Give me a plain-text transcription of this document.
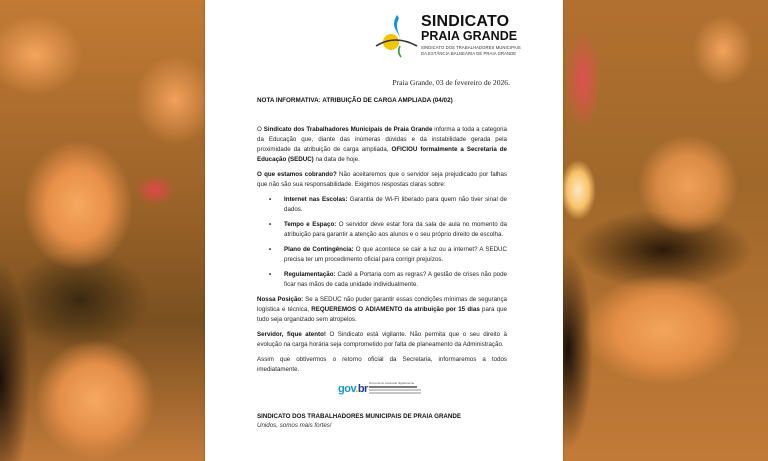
SINDICATO
PRAIA GRANDE
SINDICATO DOS TRABALHADORES MUNICIPAIS
DA ESTÂNCIA BALNEÁRIA DE PRAIA GRANDE
Praia Grande, 03 de fevereiro de 2026.
NOTA INFORMATIVA: ATRIBUIÇÃO DE CARGA AMPLIADA (04/02)

O Sindicato dos Trabalhadores Municipais de Praia Grande informa a toda a categoria da Educação que, diante das inúmeras dúvidas e da instabilidade gerada pela proximidade da atribuição de carga ampliada, OFICIOU formalmente a Secretaria de Educação (SEDUC) na data de hoje.

O que estamos cobrando? Não aceitaremos que o servidor seja prejudicado por falhas que não são sua responsabilidade. Exigimos respostas claras sobre:

• Internet nas Escolas: Garantia de Wi-Fi liberado para quem não tiver sinal de dados.
• Tempo e Espaço: O servidor deve estar fora da sala de aula no momento da atribuição para garantir a atenção aos alunos e o seu próprio direito de escolha.
• Plano de Contingência: O que acontece se cair a luz ou a internet? A SEDUC precisa ter um procedimento oficial para corrigir prejuízos.
• Regulamentação: Cadê a Portaria com as regras? A gestão de crises não pode ficar nas mãos de cada unidade individualmente.

Nossa Posição: Se a SEDUC não puder garantir essas condições mínimas de segurança logística e técnica, REQUEREMOS O ADIAMENTO da atribuição por 15 dias para que tudo seja organizado sem atropelos.

Servidor, fique atento! O Sindicato está vigilante. Não permita que o seu direito à evolução na carga horária seja comprometido por falta de planeamento da Administração.

Assim que obtivermos o retorno oficial da Secretaria, informaremos a todos imediatamente.

gov.br Documento assinado digitalmente
SINDICATO DOS TRABALHADORES MUNICIPAIS DE PRAIA GRANDE
Unidos, somos mais fortes!
